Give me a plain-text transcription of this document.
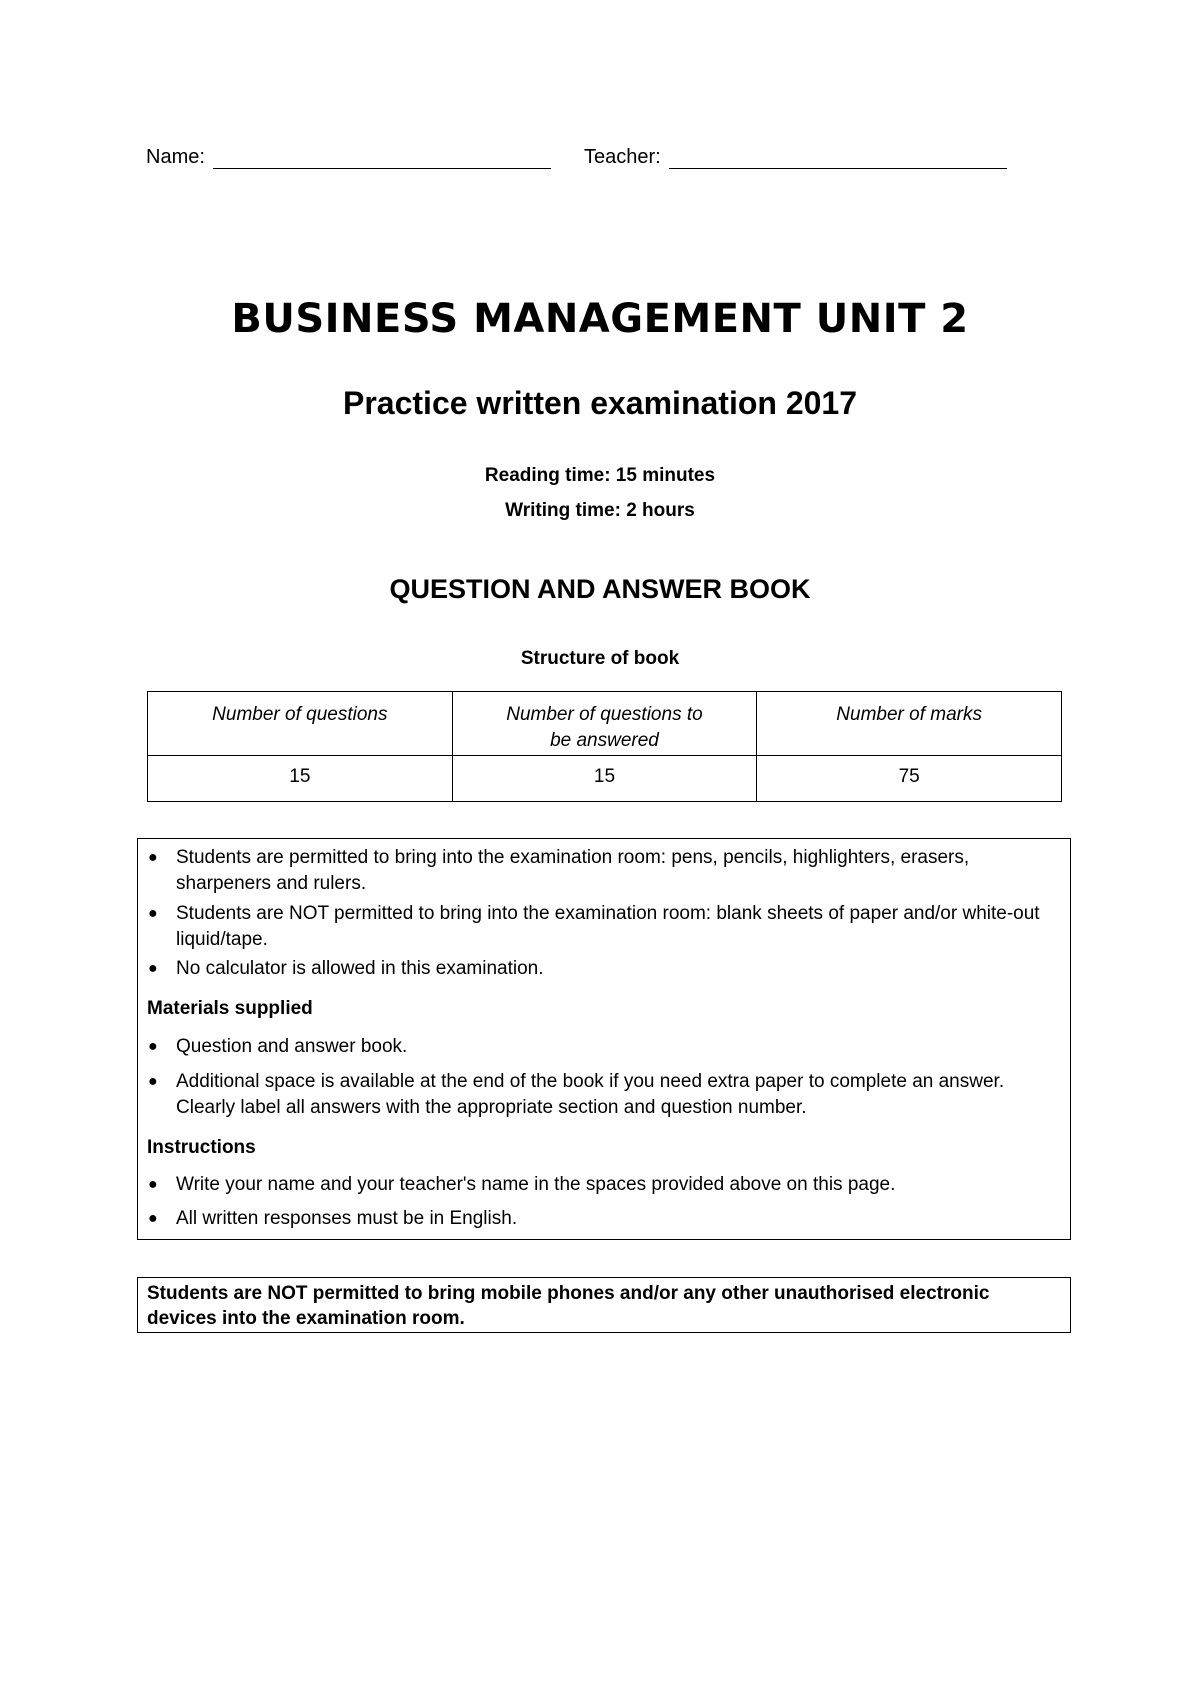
Name:	Teacher:
BUSINESS MANAGEMENT UNIT 2
Practice written examination 2017
Reading time: 15 minutes
Writing time: 2 hours
QUESTION AND ANSWER BOOK
Structure of book
Number of questions	Number of questions to be answered	Number of marks
15	15	75
● Students are permitted to bring into the examination room: pens, pencils, highlighters, erasers, sharpeners and rulers.
● Students are NOT permitted to bring into the examination room: blank sheets of paper and/or white-out liquid/tape.
● No calculator is allowed in this examination.
Materials supplied
● Question and answer book.
● Additional space is available at the end of the book if you need extra paper to complete an answer. Clearly label all answers with the appropriate section and question number.
Instructions
● Write your name and your teacher's name in the spaces provided above on this page.
● All written responses must be in English.
Students are NOT permitted to bring mobile phones and/or any other unauthorised electronic devices into the examination room.
